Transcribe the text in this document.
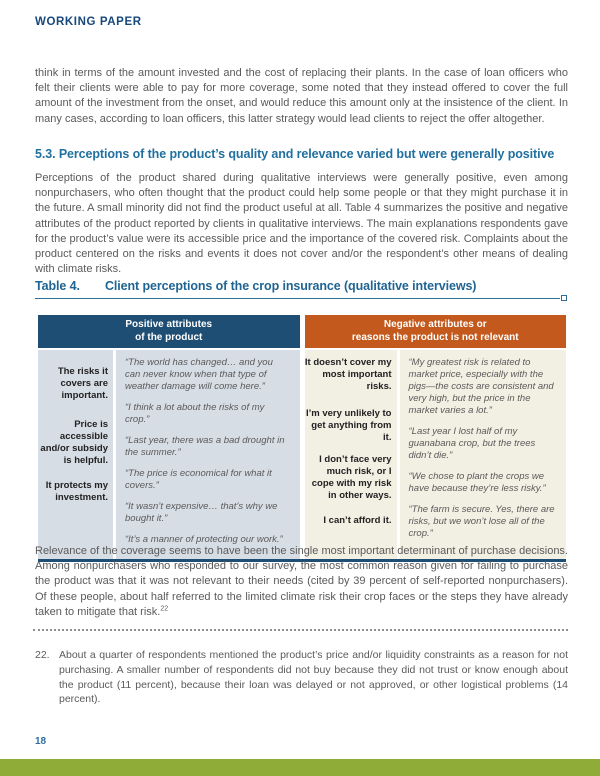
WORKING PAPER

think in terms of the amount invested and the cost of replacing their plants. In the case of loan officers who felt their clients were able to pay for more coverage, some noted that they instead offered to cover the full amount of the investment from the onset, and would reduce this amount only at the insistence of the client. In many cases, according to loan officers, this latter strategy would lead clients to reject the offer altogether.

5.3. Perceptions of the product’s quality and relevance varied but were generally positive

Perceptions of the product shared during qualitative interviews were generally positive, even among nonpurchasers, who often thought that the product could help some people or that they might purchase it in the future. A small minority did not find the product useful at all. Table 4 summarizes the positive and negative attributes of the product reported by clients in qualitative interviews. The main explanations respondents gave for the product’s value were its accessible price and the importance of the covered risk. Complaints about the product centered on the risks and events it does not cover and/or the respondent’s other means of dealing with climate risks.

Table 4.	Client perceptions of the crop insurance (qualitative interviews)
Positive attributes
of the product

The risks it covers are important.

Price is accessible and/or subsidy is helpful.

It protects my investment.

“The world has changed… and you can never know when that type of weather damage will come here.”

“I think a lot about the risks of my crop.”

“Last year, there was a bad drought in the summer.”

“The price is economical for what it covers.”

“It wasn’t expensive… that’s why we bought it.”

“It’s a manner of protecting our work.”

Negative attributes or
reasons the product is not relevant

It doesn’t cover my most important risks.

I’m very unlikely to get anything from it.

I don’t face very much risk, or I cope with my risk in other ways.

I can’t afford it.

“My greatest risk is related to market price, especially with the pigs—the costs are consistent and very high, but the price in the market varies a lot.”

“Last year I lost half of my guanabana crop, but the trees didn’t die.”

“We chose to plant the crops we have because they’re less risky.”

“The farm is secure. Yes, there are risks, but we won’t lose all of the crop.”

Relevance of the coverage seems to have been the single most important determinant of purchase decisions. Among nonpurchasers who responded to our survey, the most common reason given for failing to purchase the product was that it was not relevant to their needs (cited by 39 percent of self-reported nonpurchasers). Of these people, about half referred to the limited climate risk their crop faces or the steps they have already taken to mitigate that risk.$^{22}$

22. About a quarter of respondents mentioned the product’s price and/or liquidity constraints as a reason for not purchasing. A smaller number of respondents did not buy because they did not trust or know enough about the product (11 percent), because their loan was delayed or not approved, or other logistical problems (14 percent).

18
